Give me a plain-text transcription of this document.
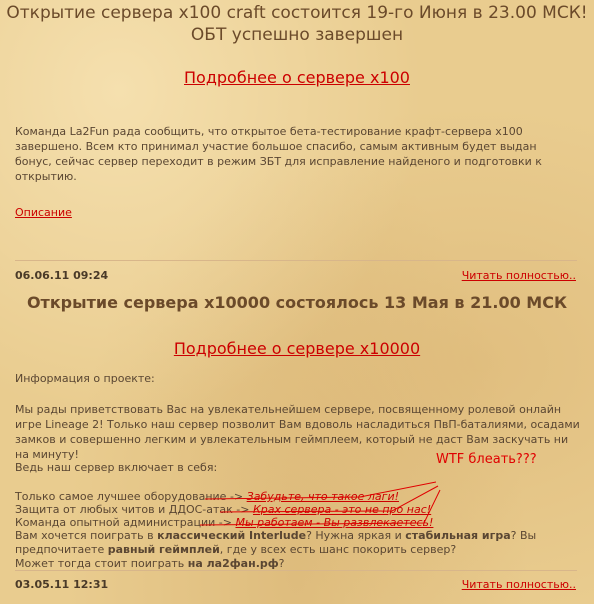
Открытие сервера x100 craft состоится 19-го Июня в 23.00 МСК!
ОБТ успешно завершен
Подробнее о сервере x100
Команда La2Fun рада сообщить, что открытое бета-тестирование крафт-сервера x100 завершено. Всем кто принимал участие большое спасибо, самым активным будет выдан бонус, сейчас сервер переходит в режим ЗБТ для исправление найденого и подготовки к открытию.
Описание
06.06.11 09:24	Читать полностью..
Открытие сервера x10000 состоялось 13 Мая в 21.00 МСК
Подробнее о сервере x10000
Информация о проекте:
Мы рады приветствовать Вас на увлекательнейшем сервере, посвященному ролевой онлайн игре Lineage 2! Только наш сервер позволит Вам вдоволь насладиться ПвП-баталиями, осадами замков и совершенно легким и увлекательным геймплеем, который не даст Вам заскучать ни на минуту!
Ведь наш сервер включает в себя:
Только самое лучшее оборудование -> Забудьте, что такое лаги!
Защита от любых читов и ДДОС-атак -> Крах сервера - это не про нас!
Команда опытной администрации -> Мы работаем - Вы развлекаетесь!
Вам хочется поиграть в классический Interlude? Нужна яркая и стабильная игра? Вы предпочитаете равный геймплей, где у всех есть шанс покорить сервер?
Может тогда стоит поиграть на ла2фан.рф?
03.05.11 12:31	Читать полностью..
WTF блеать???
